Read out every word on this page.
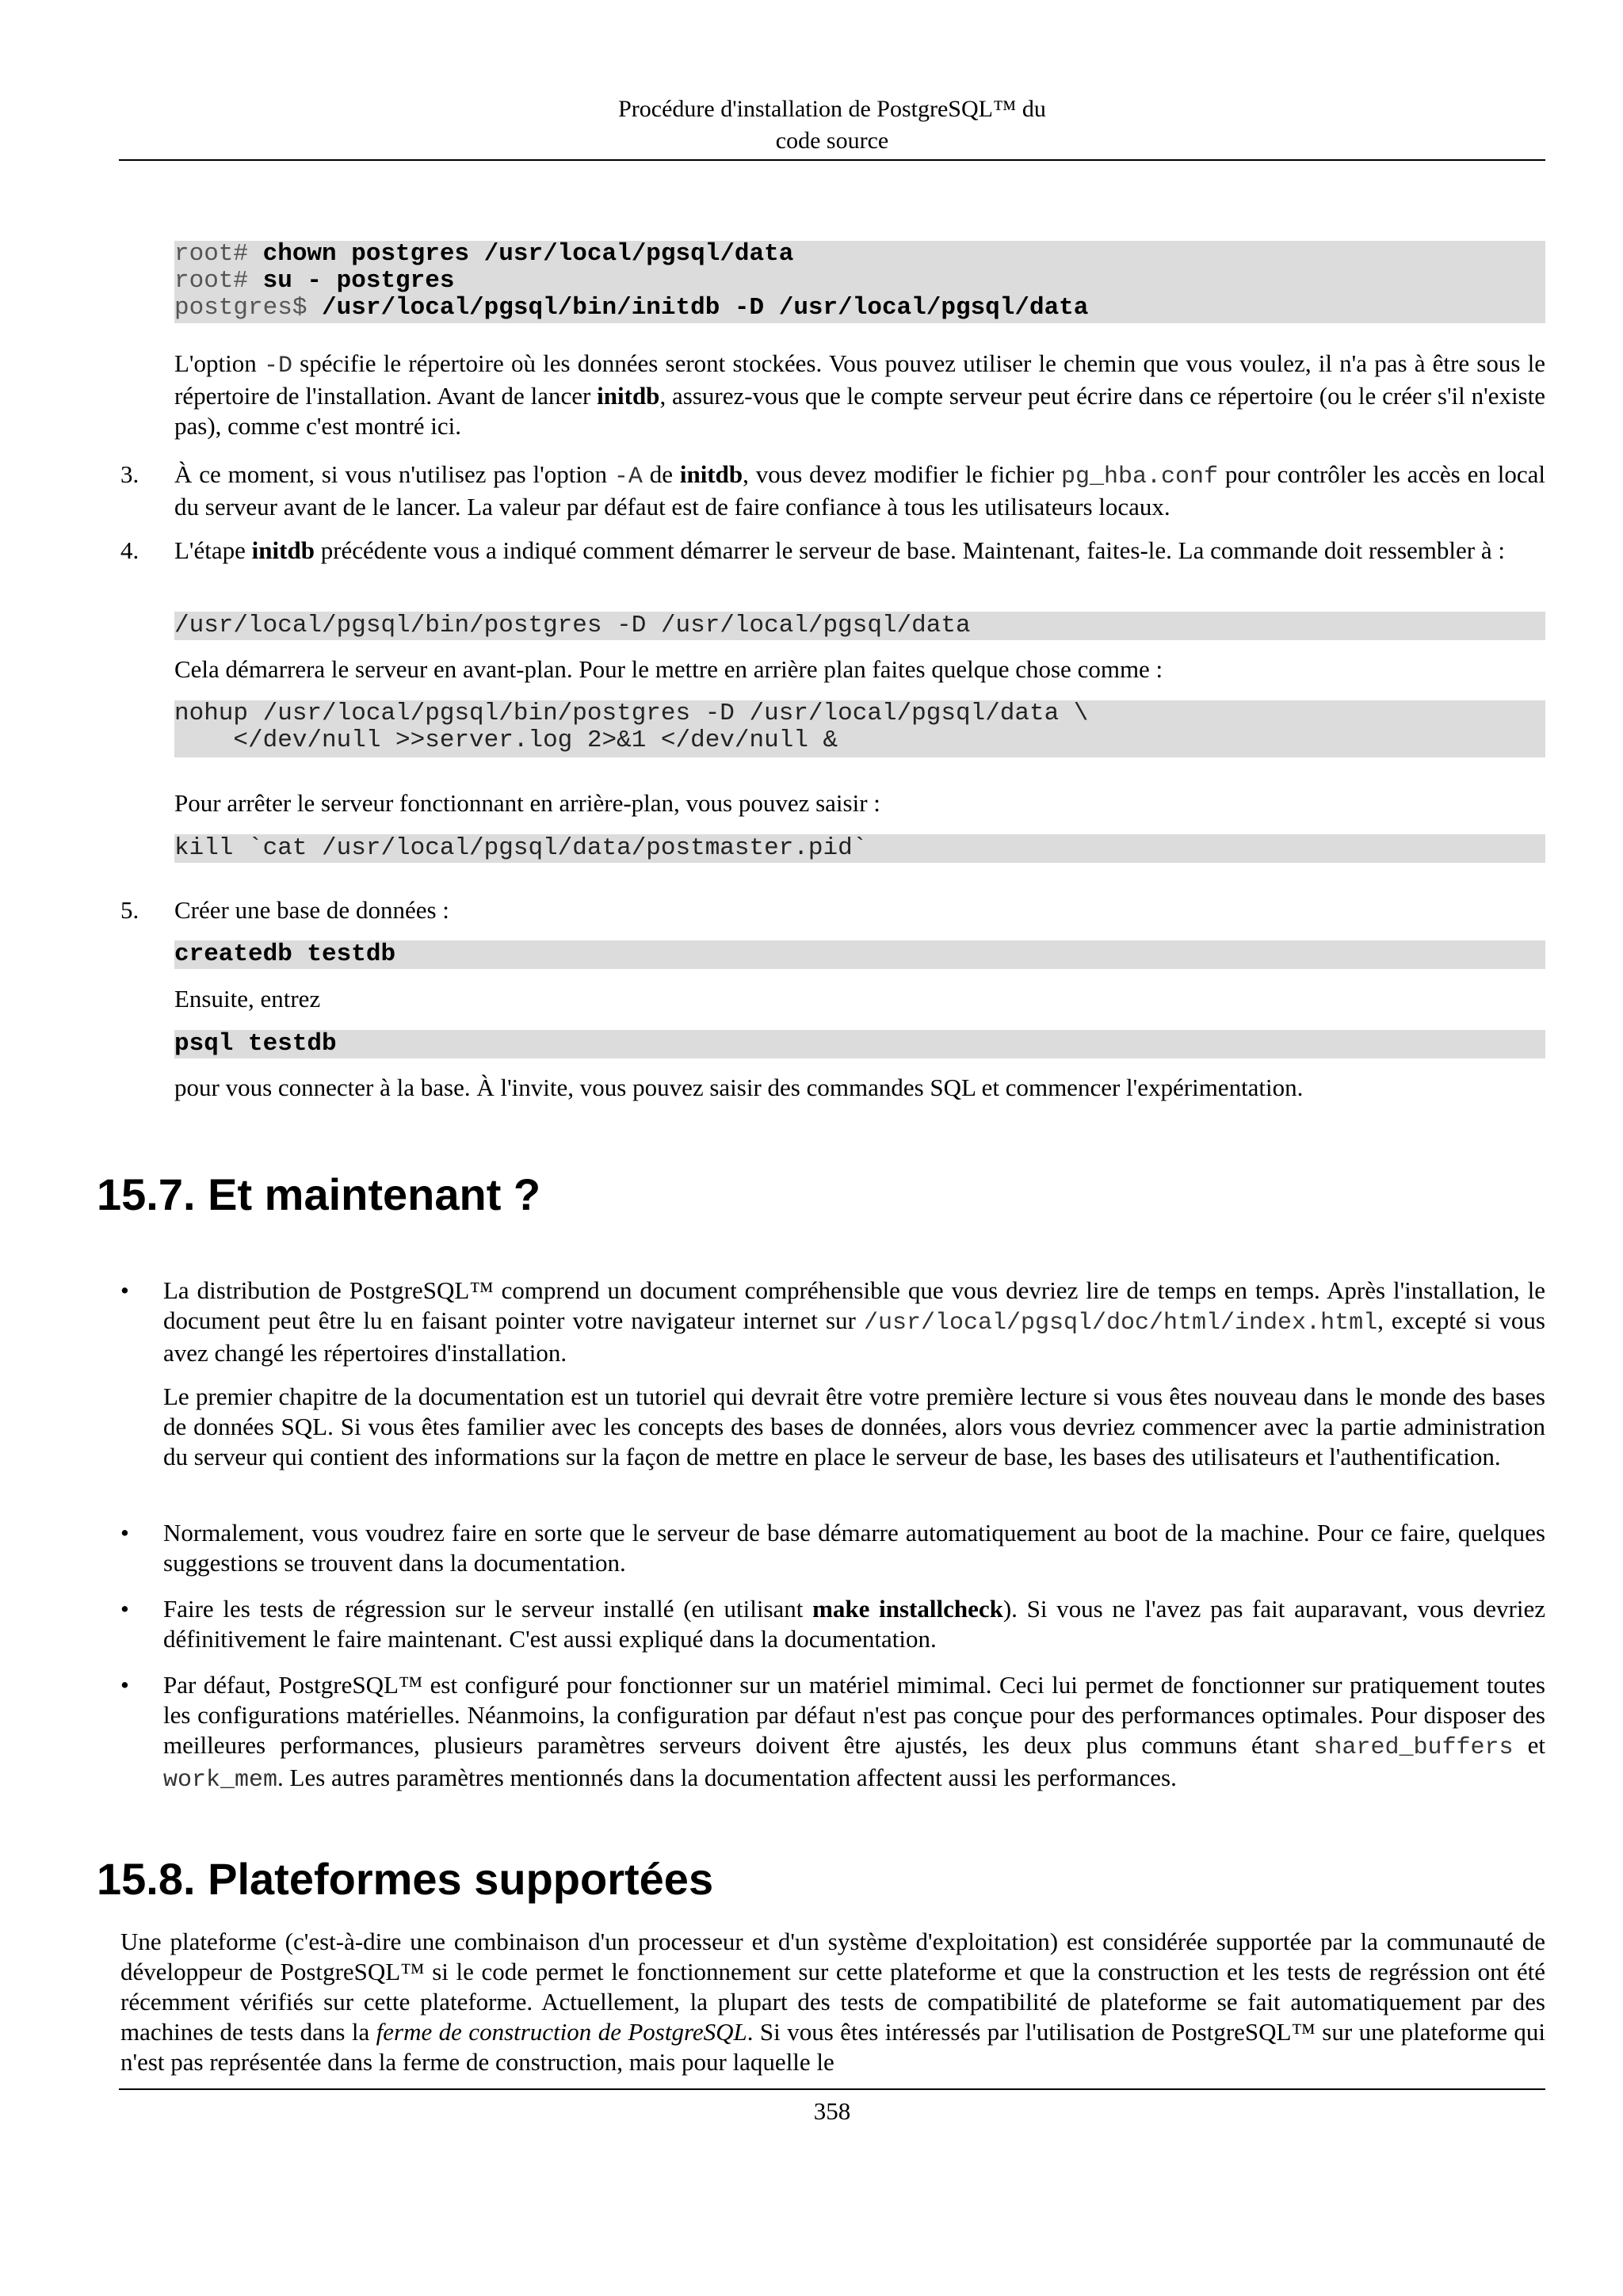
Procédure d'installation de PostgreSQL™ du
code source
root# chown postgres /usr/local/pgsql/data
root# su - postgres
postgres$ /usr/local/pgsql/bin/initdb -D /usr/local/pgsql/data
L'option -D spécifie le répertoire où les données seront stockées. Vous pouvez utiliser le chemin que vous voulez, il n'a pas à être sous le répertoire de l'installation. Avant de lancer initdb, assurez-vous que le compte serveur peut écrire dans ce répertoire (ou le créer s'il n'existe pas), comme c'est montré ici.
3. À ce moment, si vous n'utilisez pas l'option -A de initdb, vous devez modifier le fichier pg_hba.conf pour contrôler les accès en local du serveur avant de le lancer. La valeur par défaut est de faire confiance à tous les utilisateurs locaux.
4. L'étape initdb précédente vous a indiqué comment démarrer le serveur de base. Maintenant, faites-le. La commande doit ressembler à :
/usr/local/pgsql/bin/postgres -D /usr/local/pgsql/data
Cela démarrera le serveur en avant-plan. Pour le mettre en arrière plan faites quelque chose comme :
nohup /usr/local/pgsql/bin/postgres -D /usr/local/pgsql/data \
</dev/null >>server.log 2>&1 </dev/null &
Pour arrêter le serveur fonctionnant en arrière-plan, vous pouvez saisir :
kill `cat /usr/local/pgsql/data/postmaster.pid`
5. Créer une base de données :
createdb testdb
Ensuite, entrez
psql testdb
pour vous connecter à la base. À l'invite, vous pouvez saisir des commandes SQL et commencer l'expérimentation.
15.7. Et maintenant ?
• La distribution de PostgreSQL™ comprend un document compréhensible que vous devriez lire de temps en temps. Après l'installation, le document peut être lu en faisant pointer votre navigateur internet sur /usr/local/pgsql/doc/html/index.html, excepté si vous avez changé les répertoires d'installation.
Le premier chapitre de la documentation est un tutoriel qui devrait être votre première lecture si vous êtes nouveau dans le monde des bases de données SQL. Si vous êtes familier avec les concepts des bases de données, alors vous devriez commencer avec la partie administration du serveur qui contient des informations sur la façon de mettre en place le serveur de base, les bases des utilisateurs et l'authentification.
• Normalement, vous voudrez faire en sorte que le serveur de base démarre automatiquement au boot de la machine. Pour ce faire, quelques suggestions se trouvent dans la documentation.
• Faire les tests de régression sur le serveur installé (en utilisant make installcheck). Si vous ne l'avez pas fait auparavant, vous devriez définitivement le faire maintenant. C'est aussi expliqué dans la documentation.
• Par défaut, PostgreSQL™ est configuré pour fonctionner sur un matériel mimimal. Ceci lui permet de fonctionner sur pratiquement toutes les configurations matérielles. Néanmoins, la configuration par défaut n'est pas conçue pour des performances optimales. Pour disposer des meilleures performances, plusieurs paramètres serveurs doivent être ajustés, les deux plus communs étant shared_buffers et work_mem. Les autres paramètres mentionnés dans la documentation affectent aussi les performances.
15.8. Plateformes supportées
Une plateforme (c'est-à-dire une combinaison d'un processeur et d'un système d'exploitation) est considérée supportée par la communauté de développeur de PostgreSQL™ si le code permet le fonctionnement sur cette plateforme et que la construction et les tests de regréssion ont été récemment vérifiés sur cette plateforme. Actuellement, la plupart des tests de compatibilité de plateforme se fait automatiquement par des machines de tests dans la ferme de construction de PostgreSQL. Si vous êtes intéressés par l'utilisation de PostgreSQL™ sur une plateforme qui n'est pas représentée dans la ferme de construction, mais pour laquelle le
358
